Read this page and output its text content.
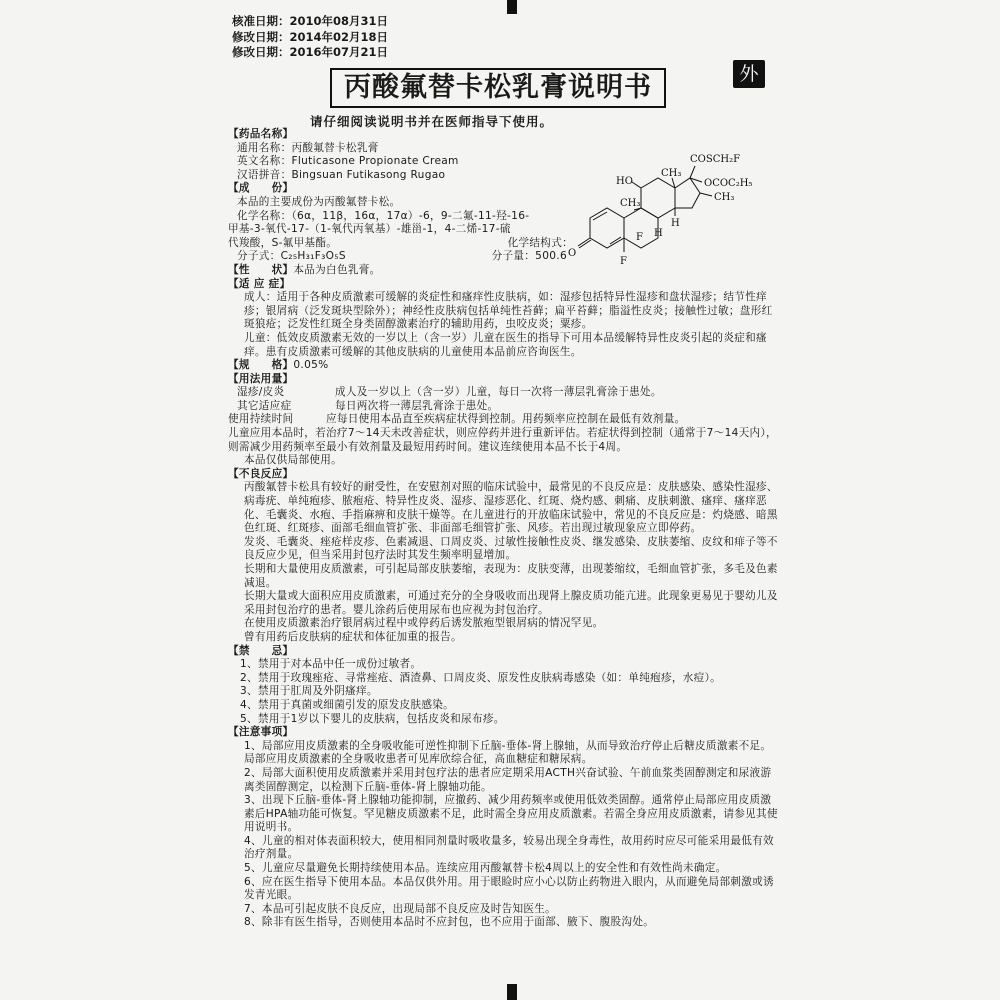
核准日期：2010年08月31日
修改日期：2014年02月18日
修改日期：2016年07月21日
丙酸氟替卡松乳膏说明书	外
请仔细阅读说明书并在医师指导下使用。
O
HO
CH₃
CH₃
COSCH₂F
OCOC₂H₅
CH₃
H
H
F
F

【药品名称】

通用名称：丙酸氟替卡松乳膏

英文名称：Fluticasone Propionate Cream

汉语拼音：Bingsuan Futikasong Rugao

【成　　份】

本品的主要成份为丙酸氟替卡松。

化学名称：（6α，11β，16α，17α）-6，9-二氟-11-羟-16-

甲基-3-氧代-17-（1-氧代丙氧基）-雄甾-1，4-二烯-17-硫

代羧酸，S-氟甲基酯。	化学结构式：

分子式：C₂₅H₃₁F₃O₅S	分子量：500.6

【性　　状】本品为白色乳膏。

【适 应 症】

成人：适用于各种皮质激素可缓解的炎症性和瘙痒性皮肤病，如：湿疹包括特异性湿疹和盘状湿疹；结节性痒疹；银屑病（泛发斑块型除外）；神经性皮肤病包括单纯性苔藓；扁平苔藓；脂溢性皮炎；接触性过敏；盘形红斑狼疮；泛发性红斑全身类固醇激素治疗的辅助用药，虫咬皮炎；粟疹。

儿童：低效皮质激素无效的一岁以上（含一岁）儿童在医生的指导下可用本品缓解特异性皮炎引起的炎症和瘙痒。患有皮质激素可缓解的其他皮肤病的儿童使用本品前应咨询医生。

【规　　格】0.05%

【用法用量】

湿疹/皮炎	成人及一岁以上（含一岁）儿童，每日一次将一薄层乳膏涂于患处。

其它适应症	每日两次将一薄层乳膏涂于患处。

使用持续时间	应每日使用本品直至疾病症状得到控制。用药频率应控制在最低有效剂量。

儿童应用本品时，若治疗7～14天未改善症状，则应停药并进行重新评估。若症状得到控制（通常于7～14天内），则需减少用药频率至最小有效剂量及最短用药时间。建议连续使用本品不长于4周。

本品仅供局部使用。

【不良反应】

丙酸氟替卡松具有较好的耐受性，在安慰剂对照的临床试验中，最常见的不良反应是：皮肤感染、感染性湿疹、病毒疣、单纯疱疹、脓疱疮、特异性皮炎、湿疹、湿疹恶化、红斑、烧灼感、刺痛、皮肤刺激、瘙痒、瘙痒恶化、毛囊炎、水疱、手指麻痹和皮肤干燥等。在儿童进行的开放临床试验中，常见的不良反应是：灼烧感、暗黑色红斑、红斑疹、面部毛细血管扩张、非面部毛细管扩张、风疹。若出现过敏现象应立即停药。

发炎、毛囊炎、痤疮样皮疹、色素减退、口周皮炎、过敏性接触性皮炎、继发感染、皮肤萎缩、皮纹和痱子等不良反应少见，但当采用封包疗法时其发生频率明显增加。

长期和大量使用皮质激素，可引起局部皮肤萎缩，表现为：皮肤变薄，出现萎缩纹，毛细血管扩张，多毛及色素减退。

长期大量或大面积应用皮质激素，可通过充分的全身吸收而出现肾上腺皮质功能亢进。此现象更易见于婴幼儿及采用封包治疗的患者。婴儿涂药后使用尿布也应视为封包治疗。

在使用皮质激素治疗银屑病过程中或停药后诱发脓疱型银屑病的情况罕见。

曾有用药后皮肤病的症状和体征加重的报告。

【禁　　忌】

1、禁用于对本品中任一成份过敏者。

2、禁用于玫瑰痤疮、寻常痤疮、酒渣鼻、口周皮炎、原发性皮肤病毒感染（如：单纯疱疹，水痘）。

3、禁用于肛周及外阴瘙痒。

4、禁用于真菌或细菌引发的原发皮肤感染。

5、禁用于1岁以下婴儿的皮肤病，包括皮炎和尿布疹。

【注意事项】

1、局部应用皮质激素的全身吸收能可逆性抑制下丘脑-垂体-肾上腺轴，从而导致治疗停止后糖皮质激素不足。局部应用皮质激素的全身吸收患者可见库欣综合征，高血糖症和糖尿病。

2、局部大面积使用皮质激素并采用封包疗法的患者应定期采用ACTH兴奋试验、午前血浆类固醇测定和尿液游离类固醇测定，以检测下丘脑-垂体-肾上腺轴功能。

3、出现下丘脑-垂体-肾上腺轴功能抑制，应撤药、减少用药频率或使用低效类固醇。通常停止局部应用皮质激素后HPA轴功能可恢复。罕见糖皮质激素不足，此时需全身应用皮质激素。若需全身应用皮质激素，请参见其使用说明书。

4、儿童的相对体表面积较大，使用相同剂量时吸收量多，较易出现全身毒性，故用药时应尽可能采用最低有效治疗剂量。

5、儿童应尽量避免长期持续使用本品。连续应用丙酸氟替卡松4周以上的安全性和有效性尚未确定。

6、应在医生指导下使用本品。本品仅供外用。用于眼睑时应小心以防止药物进入眼内，从而避免局部刺激或诱发青光眼。

7、本品可引起皮肤不良反应，出现局部不良反应及时告知医生。

8、除非有医生指导，否则使用本品时不应封包，也不应用于面部、腋下、腹股沟处。
